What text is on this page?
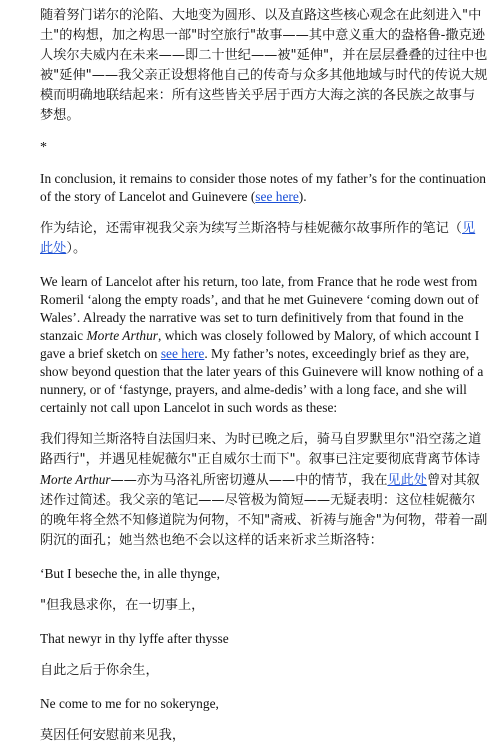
随着努门诺尔的沦陷、大地变为圆形、以及直路这些核心观念在此刻进入"中土"的构想，加之构思一部"时空旅行"故事——其中意义重大的盎格鲁-撒克逊人埃尔夫威内在未来——即二十世纪——被"延伸"，并在层层叠叠的过往中也被"延伸"——我父亲正设想将他自己的传奇与众多其他地域与时代的传说大规模而明确地联结起来：所有这些皆关乎居于西方大海之滨的各民族之故事与梦想。

*

In conclusion, it remains to consider those notes of my father’s for the continuation of the story of Lancelot and Guinevere (see here).

作为结论，还需审视我父亲为续写兰斯洛特与桂妮薇尔故事所作的笔记（见此处）。

We learn of Lancelot after his return, too late, from France that he rode west from Romeril ‘along the empty roads’, and that he met Guinevere ‘coming down out of Wales’. Already the narrative was set to turn definitively from that found in the stanzaic Morte Arthur, which was closely followed by Malory, of which account I gave a brief sketch on see here. My father’s notes, exceedingly brief as they are, show beyond question that the later years of this Guinevere will know nothing of a nunnery, or of ‘fastynge, prayers, and alme-dedis’ with a long face, and she will certainly not call upon Lancelot in such words as these:

我们得知兰斯洛特自法国归来、为时已晚之后，骑马自罗默里尔"沿空荡之道路西行"，并遇见桂妮薇尔"正自威尔士而下"。叙事已注定要彻底背离节体诗Morte Arthur——亦为马洛礼所密切遵从——中的情节，我在见此处曾对其叙述作过简述。我父亲的笔记——尽管极为简短——无疑表明：这位桂妮薇尔的晚年将全然不知修道院为何物，不知"斋戒、祈祷与施舍"为何物，带着一副阴沉的面孔；她当然也绝不会以这样的话来祈求兰斯洛特：

‘But I beseche the, in alle thynge,

"但我恳求你，在一切事上，

That newyr in thy lyffe after thysse

自此之后于你余生，

Ne come to me for no sokerynge,

莫因任何安慰前来见我，
